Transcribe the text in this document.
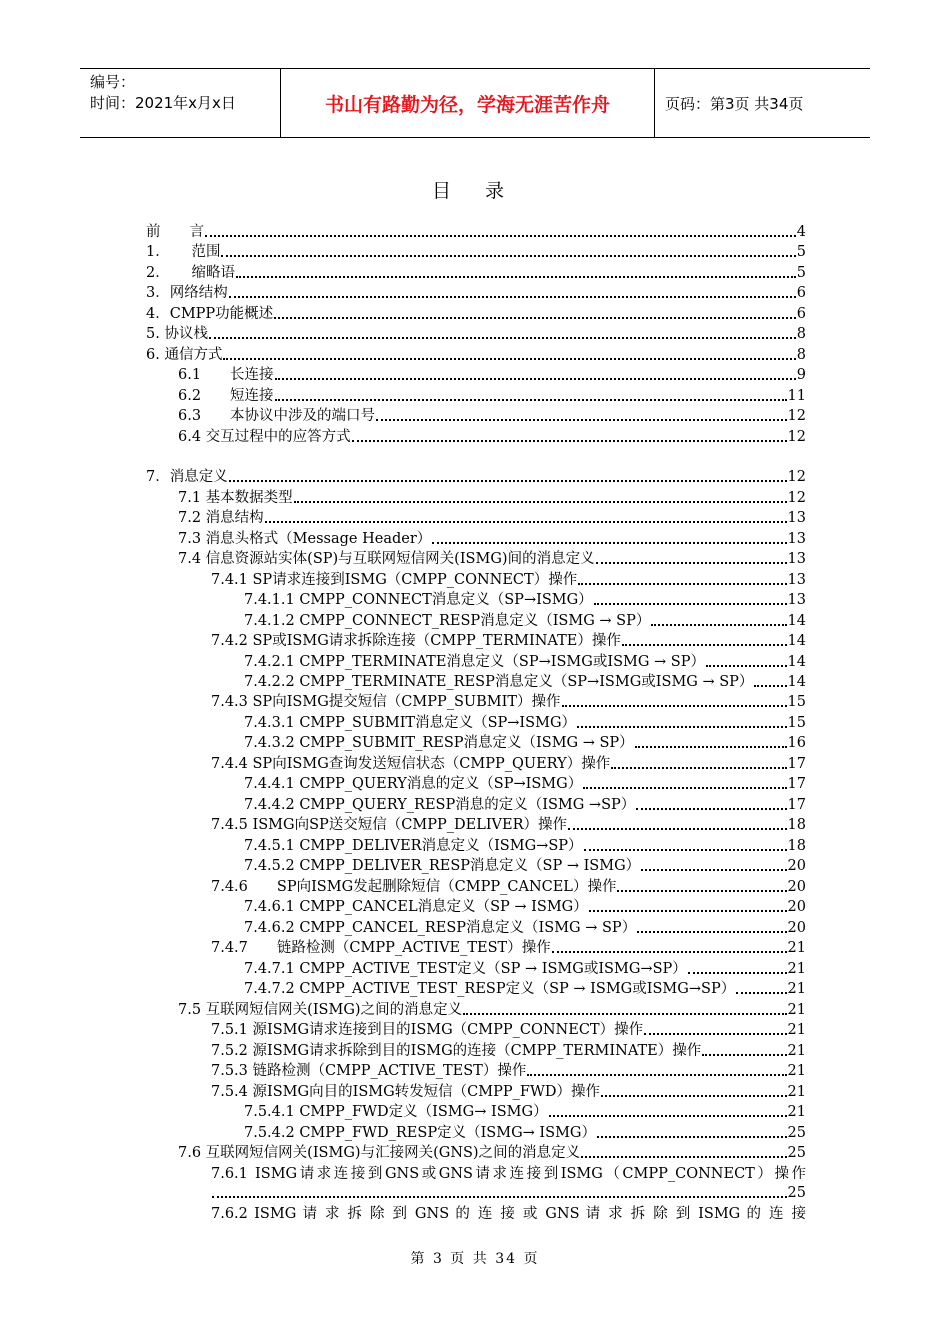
编号：
时间：2021年x月x日	书山有路勤为径，学海无涯苦作舟	页码：第3页 共34页
目 录
前　　言	4
1．　　范围	5
2．　　缩略语	5
3．网络结构	6
4．CMPP功能概述	6
5. 协议栈	8
6. 通信方式	8
6.1　　长连接	9
6.2　　短连接	11
6.3　　本协议中涉及的端口号	12
6.4 交互过程中的应答方式	12
7．消息定义	12
7.1 基本数据类型	12
7.2 消息结构	13
7.3 消息头格式（Message Header）	13
7.4 信息资源站实体(SP)与互联网短信网关(ISMG)间的消息定义	13
7.4.1 SP请求连接到ISMG（CMPP_CONNECT）操作	13
7.4.1.1 CMPP_CONNECT消息定义（SP→ISMG）	13
7.4.1.2 CMPP_CONNECT_RESP消息定义（ISMG → SP）	14
7.4.2 SP或ISMG请求拆除连接（CMPP_TERMINATE）操作	14
7.4.2.1 CMPP_TERMINATE消息定义（SP→ISMG或ISMG → SP）	14
7.4.2.2 CMPP_TERMINATE_RESP消息定义（SP→ISMG或ISMG → SP） 14
7.4.3 SP向ISMG提交短信（CMPP_SUBMIT）操作	15
7.4.3.1 CMPP_SUBMIT消息定义（SP→ISMG）	15
7.4.3.2 CMPP_SUBMIT_RESP消息定义（ISMG → SP）	16
7.4.4 SP向ISMG查询发送短信状态（CMPP_QUERY）操作	17
7.4.4.1 CMPP_QUERY消息的定义（SP→ISMG）	17
7.4.4.2 CMPP_QUERY_RESP消息的定义（ISMG →SP）	17
7.4.5 ISMG向SP送交短信（CMPP_DELIVER）操作	18
7.4.5.1 CMPP_DELIVER消息定义（ISMG→SP）	18
7.4.5.2 CMPP_DELIVER_RESP消息定义（SP → ISMG）	20
7.4.6　　SP向ISMG发起删除短信（CMPP_CANCEL）操作	20
7.4.6.1 CMPP_CANCEL消息定义（SP → ISMG）	20
7.4.6.2 CMPP_CANCEL_RESP消息定义（ISMG → SP）	20
7.4.7　　链路检测（CMPP_ACTIVE_TEST）操作	21
7.4.7.1 CMPP_ACTIVE_TEST定义（SP → ISMG或ISMG→SP）	21
7.4.7.2 CMPP_ACTIVE_TEST_RESP定义（SP → ISMG或ISMG→SP）	21
7.5 互联网短信网关(ISMG)之间的消息定义	21
7.5.1 源ISMG请求连接到目的ISMG（CMPP_CONNECT）操作	21
7.5.2 源ISMG请求拆除到目的ISMG的连接（CMPP_TERMINATE）操作	21
7.5.3 链路检测（CMPP_ACTIVE_TEST）操作	21
7.5.4 源ISMG向目的ISMG转发短信（CMPP_FWD）操作	21
7.5.4.1 CMPP_FWD定义（ISMG→ ISMG）	21
7.5.4.2 CMPP_FWD_RESP定义（ISMG→ ISMG）	25
7.6 互联网短信网关(ISMG)与汇接网关(GNS)之间的消息定义	25
7.6.1 ISMG请求连接到GNS或GNS请求连接到ISMG（CMPP_CONNECT）操作
25
7.6.2 ISMG 请 求 拆 除 到 GNS 的 连 接 或 GNS 请 求 拆 除 到 ISMG 的 连 接
第 3 页 共 34 页
